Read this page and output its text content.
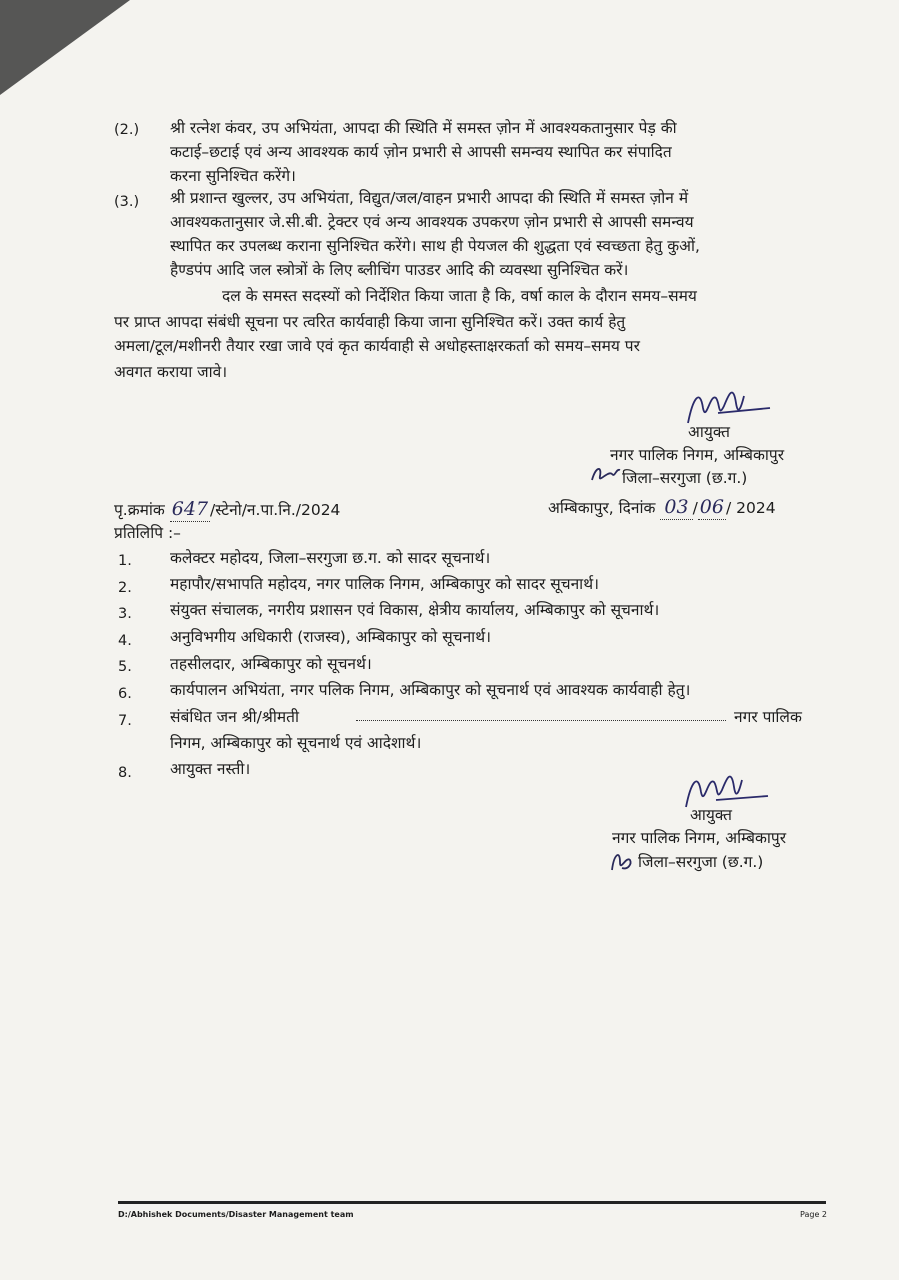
(2.) श्री रत्नेश कंवर, उप अभियंता, आपदा की स्थिति में समस्त ज़ोन में आवश्यकतानुसार पेड़ की
कटाई–छटाई एवं अन्य आवश्यक कार्य ज़ोन प्रभारी से आपसी समन्वय स्थापित कर संपादित
करना सुनिश्चित करेंगे।
(3.) श्री प्रशान्त खुल्लर, उप अभियंता, विद्युत/जल/वाहन प्रभारी आपदा की स्थिति में समस्त ज़ोन में
आवश्यकतानुसार जे.सी.बी. ट्रेक्टर एवं अन्य आवश्यक उपकरण ज़ोन प्रभारी से आपसी समन्वय
स्थापित कर उपलब्ध कराना सुनिश्चित करेंगे। साथ ही पेयजल की शुद्धता एवं स्वच्छता हेतु कुओं,
हैण्डपंप आदि जल स्त्रोत्रों के लिए ब्लीचिंग पाउडर आदि की व्यवस्था सुनिश्चित करें।
दल के समस्त सदस्यों को निर्देशित किया जाता है कि, वर्षा काल के दौरान समय–समय
पर प्राप्त आपदा संबंधी सूचना पर त्वरित कार्यवाही किया जाना सुनिश्चित करें। उक्त कार्य हेतु
अमला/टूल/मशीनरी तैयार रखा जावे एवं कृत कार्यवाही से अधोहस्ताक्षरकर्ता को समय–समय पर
अवगत कराया जावे।
आयुक्त
नगर पालिक निगम, अम्बिकापुर
जिला–सरगुजा (छ.ग.)
पृ.क्रमांक 647 /स्टेनो/न.पा.नि./2024	अम्बिकापुर, दिनांक 03 / 06 / 2024
प्रतिलिपि :–
1. कलेक्टर महोदय, जिला–सरगुजा छ.ग. को सादर सूचनार्थ।
2. महापौर/सभापति महोदय, नगर पालिक निगम, अम्बिकापुर को सादर सूचनार्थ।
3. संयुक्त संचालक, नगरीय प्रशासन एवं विकास, क्षेत्रीय कार्यालय, अम्बिकापुर को सूचनार्थ।
4. अनुविभगीय अधिकारी (राजस्व), अम्बिकापुर को सूचनार्थ।
5. तहसीलदार, अम्बिकापुर को सूचनर्थ।
6. कार्यपालन अभियंता, नगर पलिक निगम, अम्बिकापुर को सूचनार्थ एवं आवश्यक कार्यवाही हेतु।
7. संबंधित जन श्री/श्रीमती	नगर पालिक
निगम, अम्बिकापुर को सूचनार्थ एवं आदेशार्थ।
8. आयुक्त नस्ती।
आयुक्त
नगर पालिक निगम, अम्बिकापुर
जिला–सरगुजा (छ.ग.)
D:/Abhishek Documents/Disaster Management team	Page 2
